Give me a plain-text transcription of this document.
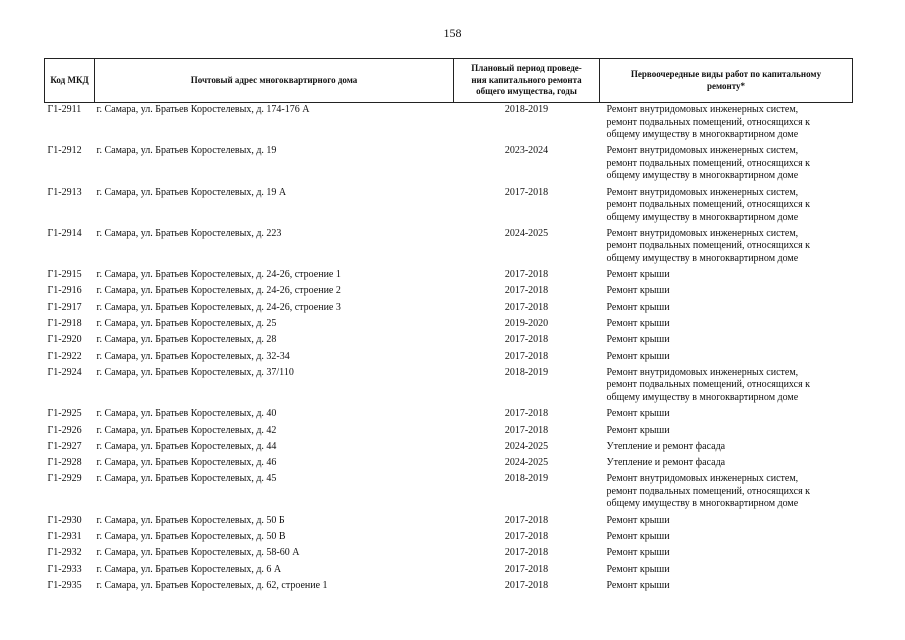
158
Код МКД	Почтовый адрес многоквартирного дома	Плановый период проведе-
ния капитального ремонта
общего имущества, годы	Первоочередные виды работ по капитальному
ремонту*
Г1-2911	г. Самара, ул. Братьев Коростелевых, д. 174-176 А	2018-2019	Ремонт внутридомовых инженерных систем,
ремонт подвальных помещений, относящихся к
общему имуществу в многоквартирном доме

Г1-2912	г. Самара, ул. Братьев Коростелевых, д. 19	2023-2024	Ремонт внутридомовых инженерных систем,
ремонт подвальных помещений, относящихся к
общему имуществу в многоквартирном доме

Г1-2913	г. Самара, ул. Братьев Коростелевых, д. 19 А	2017-2018	Ремонт внутридомовых инженерных систем,
ремонт подвальных помещений, относящихся к
общему имуществу в многоквартирном доме

Г1-2914	г. Самара, ул. Братьев Коростелевых, д. 223	2024-2025	Ремонт внутридомовых инженерных систем,
ремонт подвальных помещений, относящихся к
общему имуществу в многоквартирном доме

Г1-2915	г. Самара, ул. Братьев Коростелевых, д. 24-26, строение 1	2017-2018	Ремонт крыши

Г1-2916	г. Самара, ул. Братьев Коростелевых, д. 24-26, строение 2	2017-2018	Ремонт крыши

Г1-2917	г. Самара, ул. Братьев Коростелевых, д. 24-26, строение 3	2017-2018	Ремонт крыши

Г1-2918	г. Самара, ул. Братьев Коростелевых, д. 25	2019-2020	Ремонт крыши

Г1-2920	г. Самара, ул. Братьев Коростелевых, д. 28	2017-2018	Ремонт крыши

Г1-2922	г. Самара, ул. Братьев Коростелевых, д. 32-34	2017-2018	Ремонт крыши

Г1-2924	г. Самара, ул. Братьев Коростелевых, д. 37/110	2018-2019	Ремонт внутридомовых инженерных систем,
ремонт подвальных помещений, относящихся к
общему имуществу в многоквартирном доме

Г1-2925	г. Самара, ул. Братьев Коростелевых, д. 40	2017-2018	Ремонт крыши

Г1-2926	г. Самара, ул. Братьев Коростелевых, д. 42	2017-2018	Ремонт крыши

Г1-2927	г. Самара, ул. Братьев Коростелевых, д. 44	2024-2025	Утепление и ремонт фасада

Г1-2928	г. Самара, ул. Братьев Коростелевых, д. 46	2024-2025	Утепление и ремонт фасада

Г1-2929	г. Самара, ул. Братьев Коростелевых, д. 45	2018-2019	Ремонт внутридомовых инженерных систем,
ремонт подвальных помещений, относящихся к
общему имуществу в многоквартирном доме

Г1-2930	г. Самара, ул. Братьев Коростелевых, д. 50 Б	2017-2018	Ремонт крыши

Г1-2931	г. Самара, ул. Братьев Коростелевых, д. 50 В	2017-2018	Ремонт крыши

Г1-2932	г. Самара, ул. Братьев Коростелевых, д. 58-60 А	2017-2018	Ремонт крыши

Г1-2933	г. Самара, ул. Братьев Коростелевых, д. 6 А	2017-2018	Ремонт крыши

Г1-2935	г. Самара, ул. Братьев Коростелевых, д. 62, строение 1	2017-2018	Ремонт крыши
